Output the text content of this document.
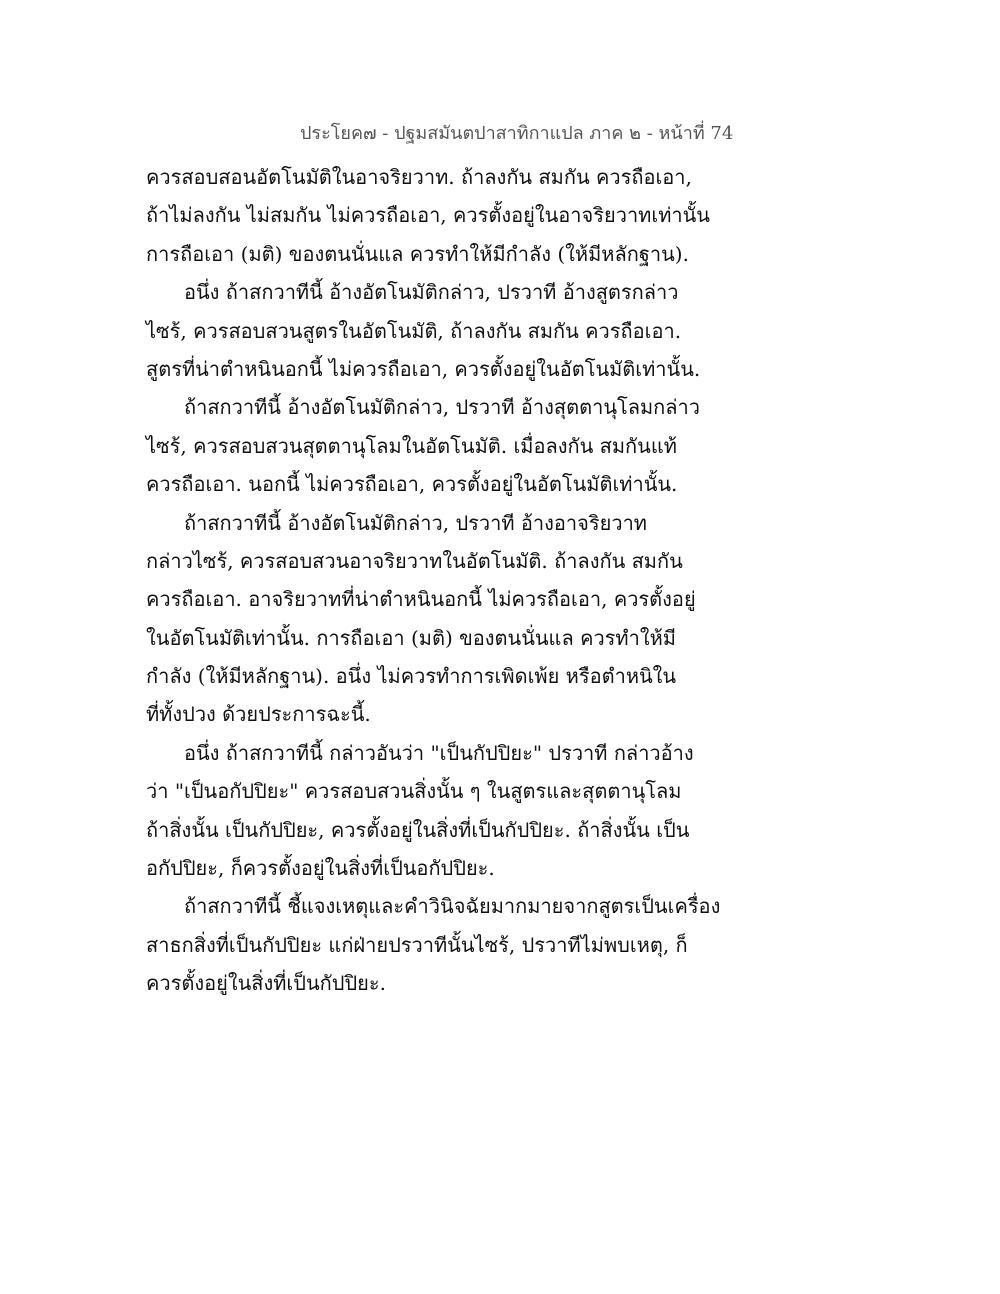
ประโยค๗ - ปฐมสมันตปาสาทิกาแปล ภาค ๒ - หน้าที่ 74
ควรสอบสอนอัตโนมัติในอาจริยวาท. ถ้าลงกัน สมกัน ควรถือเอา,
ถ้าไม่ลงกัน ไม่สมกัน ไม่ควรถือเอา, ควรตั้งอยู่ในอาจริยวาทเท่านั้น
การถือเอา (มติ) ของตนนั่นแล ควรทำให้มีกำลัง (ให้มีหลักฐาน).
อนึ่ง ถ้าสกวาทีนี้ อ้างอัตโนมัติกล่าว, ปรวาที อ้างสูตรกล่าว
ไซร้, ควรสอบสวนสูตรในอัตโนมัติ, ถ้าลงกัน สมกัน ควรถือเอา.
สูตรที่น่าตำหนินอกนี้ ไม่ควรถือเอา, ควรตั้งอยู่ในอัตโนมัติเท่านั้น.
ถ้าสกวาทีนี้ อ้างอัตโนมัติกล่าว, ปรวาที อ้างสุตตานุโลมกล่าว
ไซร้, ควรสอบสวนสุตตานุโลมในอัตโนมัติ. เมื่อลงกัน สมกันแท้
ควรถือเอา. นอกนี้ ไม่ควรถือเอา, ควรตั้งอยู่ในอัตโนมัติเท่านั้น.
ถ้าสกวาทีนี้ อ้างอัตโนมัติกล่าว, ปรวาที อ้างอาจริยวาท
กล่าวไซร้, ควรสอบสวนอาจริยวาทในอัตโนมัติ. ถ้าลงกัน สมกัน
ควรถือเอา. อาจริยวาทที่น่าตำหนินอกนี้ ไม่ควรถือเอา, ควรตั้งอยู่
ในอัตโนมัติเท่านั้น. การถือเอา (มติ) ของตนนั่นแล ควรทำให้มี
กำลัง (ให้มีหลักฐาน). อนึ่ง ไม่ควรทำการเพิดเพ้ย หรือตำหนิใน
ที่ทั้งปวง ด้วยประการฉะนี้.
อนึ่ง ถ้าสกวาทีนี้ กล่าวอันว่า "เป็นกัปปิยะ" ปรวาที กล่าวอ้าง
ว่า "เป็นอกัปปิยะ" ควรสอบสวนสิ่งนั้น ๆ ในสูตรและสุตตานุโลม
ถ้าสิ่งนั้น เป็นกัปปิยะ, ควรตั้งอยู่ในสิ่งที่เป็นกัปปิยะ. ถ้าสิ่งนั้น เป็น
อกัปปิยะ, ก็ควรตั้งอยู่ในสิ่งที่เป็นอกัปปิยะ.
ถ้าสกวาทีนี้ ชี้แจงเหตุและคำวินิจฉัยมากมายจากสูตรเป็นเครื่อง
สาธกสิ่งที่เป็นกัปปิยะ แก่ฝ่ายปรวาทีนั้นไซร้, ปรวาทีไม่พบเหตุ, ก็
ควรตั้งอยู่ในสิ่งที่เป็นกัปปิยะ.
